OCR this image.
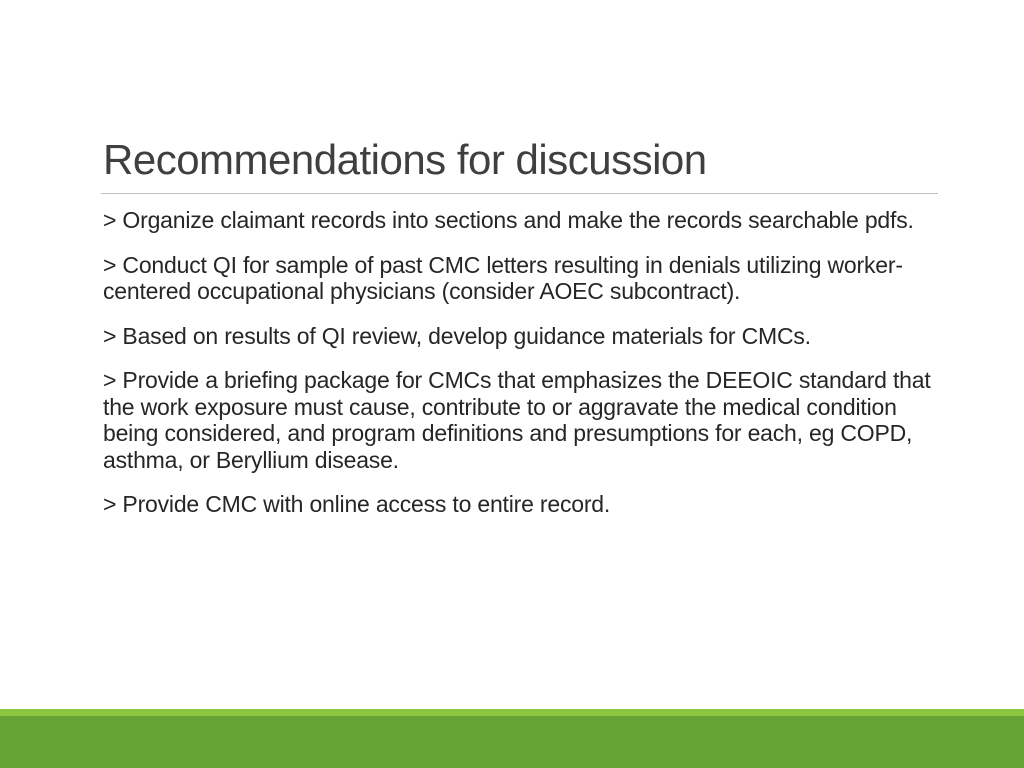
Recommendations for discussion

> Organize claimant records into sections and make the records searchable pdfs.

> Conduct QI for sample of past CMC letters resulting in denials utilizing worker-centered occupational physicians (consider AOEC subcontract).

> Based on results of QI review, develop guidance materials for CMCs.

> Provide a briefing package for CMCs that emphasizes the DEEOIC standard that the work exposure must cause, contribute to or aggravate the medical condition being considered, and program definitions and presumptions for each, eg COPD, asthma, or Beryllium disease.

> Provide CMC with online access to entire record.
